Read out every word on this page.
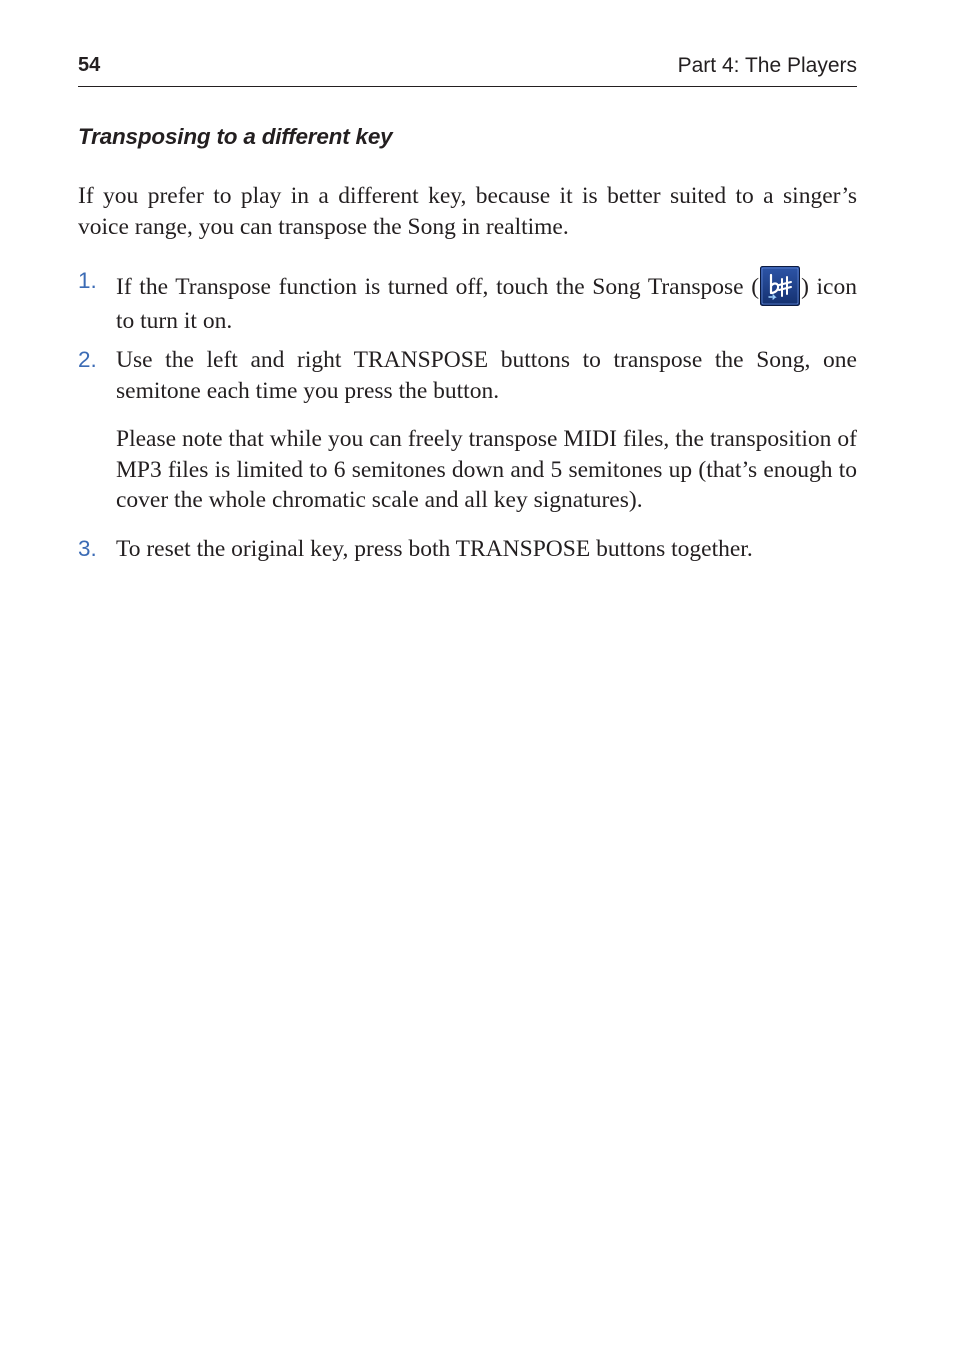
54	Part 4: The Players
Transposing to a different key

If you prefer to play in a different key, because it is better suited to a singer’s voice range, you can transpose the Song in realtime.

1. If the Transpose function is turned off, touch the Song Transpose ( ) icon to turn it on.

2. Use the left and right TRANSPOSE buttons to transpose the Song, one semitone each time you press the button.

Please note that while you can freely transpose MIDI files, the transposition of MP3 files is limited to 6 semitones down and 5 semitones up (that’s enough to cover the whole chromatic scale and all key signatures).

3. To reset the original key, press both TRANSPOSE buttons together.
